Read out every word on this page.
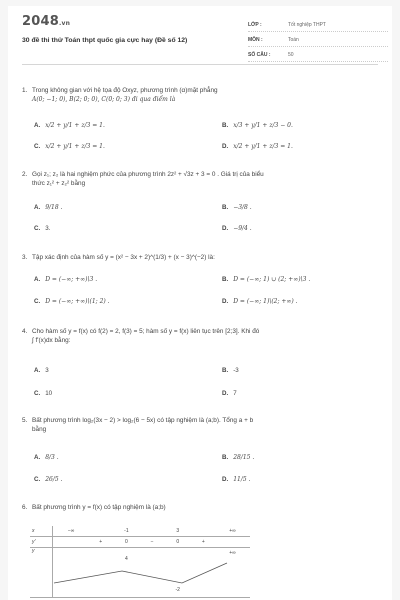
2048.vn
30 đề thi thử Toán thpt quốc gia cực hay (Đề số 12)
LỚP :	Tốt nghiệp THPT
MÔN :	Toán
SỐ CÂU :	50
1. Trong không gian với hệ tọa độ Oxyz, phương trình (α)mặt phẳng
A(0; −1; 0), B(2; 0; 0), C(0; 0; 3) đi qua điểm là
A. x/2 + y/1 + z/3 = 1.	B. x/3 + y/1 + z/3 − 0.
C. x/2 + y/1 + z/3 = 1.	D. x/2 + y/1 + z/3 = 1.
2. Gọi z₁; z₂ là hai nghiệm phức của phương trình 2z² + √3z + 3 = 0 . Giá trị của biểu
thức z₁² + z₂² bằng
A. 9/18 .	B. −3/8 .
C. 3.	D. −9/4 .
3. Tập xác định của hàm số y = (x² − 3x + 2)^(1/3) + (x − 3)^(−2) là:
A. D = (−∞; +∞)\3 .	B. D = (−∞; 1) ∪ (2; +∞)\3 .
C. D = (−∞; +∞)\(1; 2) .	D. D = (−∞; 1)\(2; +∞) .
4. Cho hàm số y = f(x) có f(2) = 2, f(3) = 5; hàm số y = f(x) liên tục trên [2;3]. Khi đó
∫ f'(x)dx bằng:
A. 3	B. -3
C. 10	D. 7
5. Bất phương trình log₂(3x − 2) > log₂(6 − 5x) có tập nghiệm là (a;b). Tổng a + b
bằng
A. 8/3 .	B. 28/15 .
C. 26/5 .	D. 11/5 .
6. Bất phương trình y = f(x) có tập nghiệm là (a;b)
x	−∞		-1		3		+∞
y'		+	0	−	0	+	
y			4		-2		+∞
